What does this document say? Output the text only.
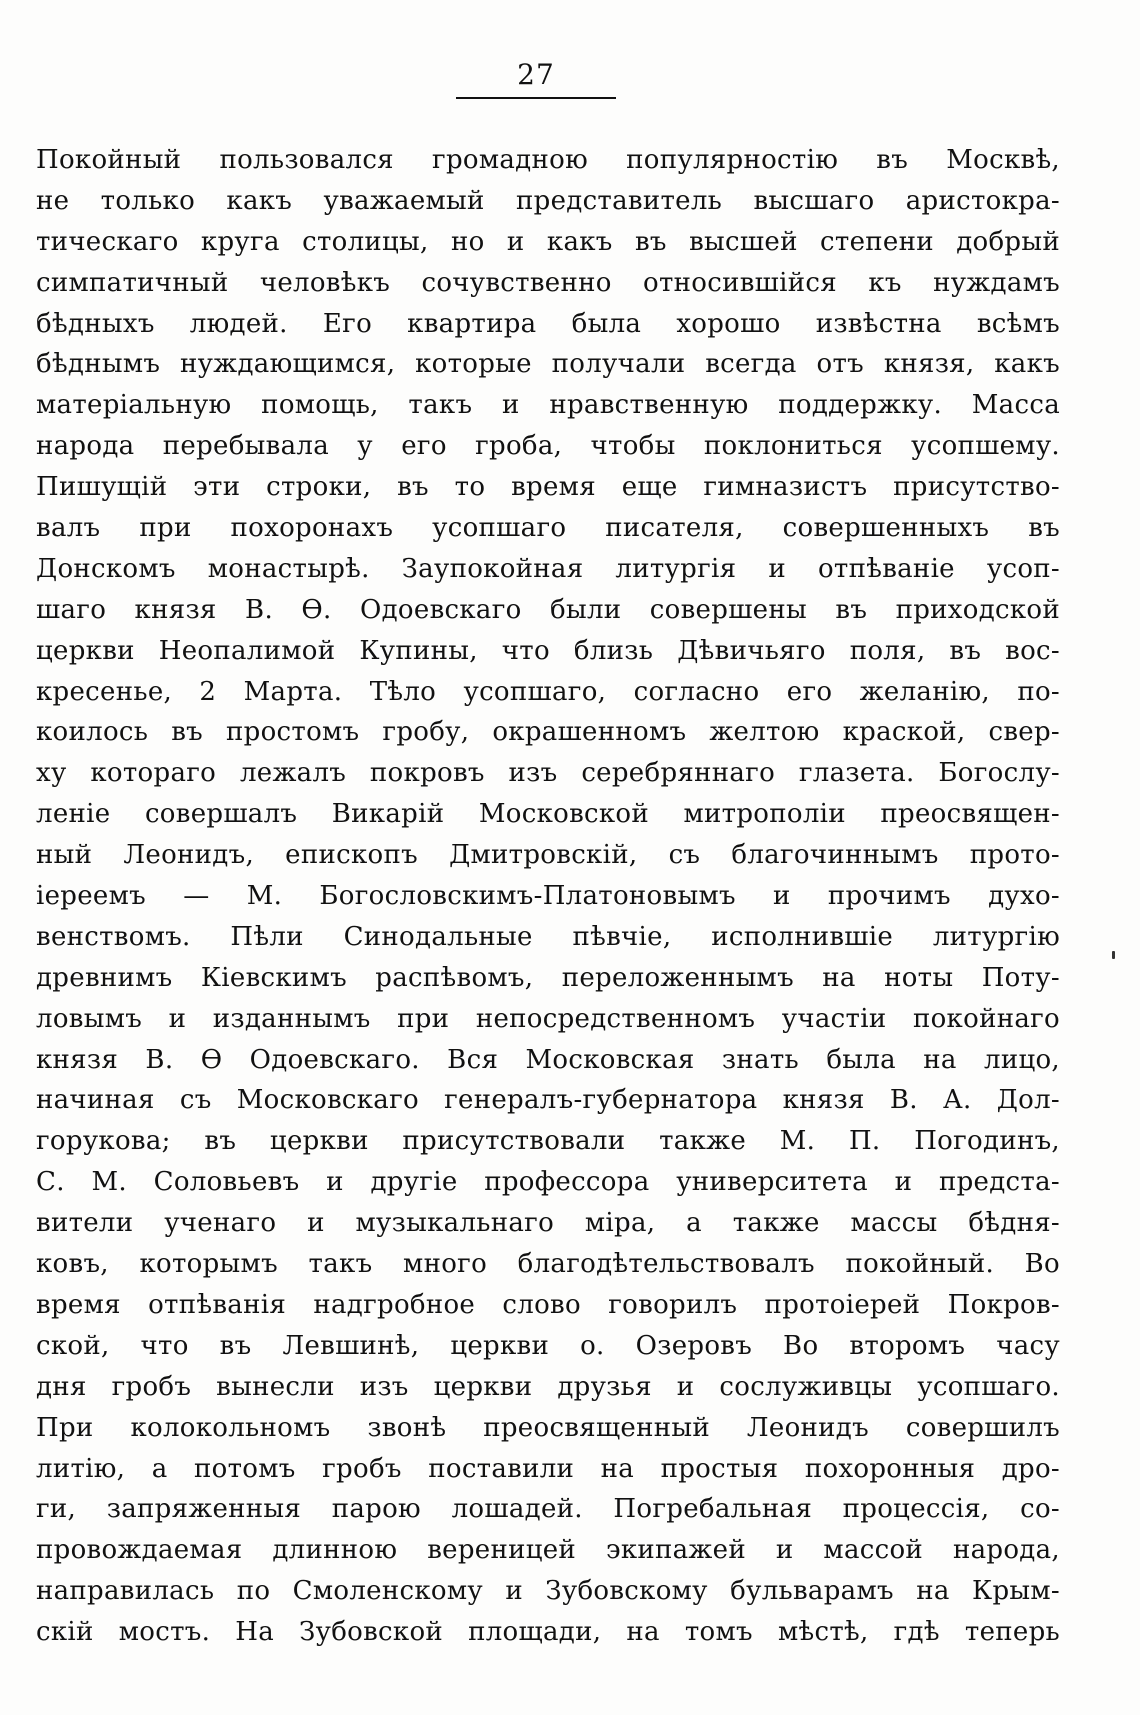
27
Покойный пользовался громадною популярностію въ Москвѣ,
не только какъ уважаемый представитель высшаго аристокра-
тическаго круга столицы, но и какъ въ высшей степени добрый
симпатичный человѣкъ сочувственно относившійся къ нуждамъ
бѣдныхъ людей. Его квартира была хорошо извѣстна всѣмъ
бѣднымъ нуждающимся, которые получали всегда отъ князя, какъ
матеріальную помощь, такъ и нравственную поддержку. Масса
народа перебывала у его гроба, чтобы поклониться усопшему.
Пишущій эти строки, въ то время еще гимназистъ присутство-
валъ при похоронахъ усопшаго писателя, совершенныхъ въ
Донскомъ монастырѣ. Заупокойная литургія и отпѣваніе усоп-
шаго князя В. Ѳ. Одоевскаго были совершены въ приходской
церкви Неопалимой Купины, что близь Дѣвичьяго поля, въ вос-
кресенье, 2 Марта. Тѣло усопшаго, согласно его желанію, по-
коилось въ простомъ гробу, окрашенномъ желтою краской, свер-
ху котораго лежалъ покровъ изъ серебряннаго глазета. Богослу-
леніе совершалъ Викарій Московской митрополіи преосвящен-
ный Леонидъ, епископъ Дмитровскій, съ благочиннымъ прото-
іереемъ — М. Богословскимъ-Платоновымъ и прочимъ духо-
венствомъ. Пѣли Синодальные пѣвчіе, исполнившіе литургію
древнимъ Кіевскимъ распѣвомъ, переложеннымъ на ноты Поту-
ловымъ и изданнымъ при непосредственномъ участіи покойнаго
князя В. Ѳ Одоевскаго. Вся Московская знать была на лицо,
начиная съ Московскаго генералъ-губернатора князя В. А. Дол-
горукова; въ церкви присутствовали также М. П. Погодинъ,
С. М. Соловьевъ и другіе профессора университета и предста-
вители ученаго и музыкальнаго міра, а также массы бѣдня-
ковъ, которымъ такъ много благодѣтельствовалъ покойный. Во
время отпѣванія надгробное слово говорилъ протоіерей Покров-
ской, что въ Левшинѣ, церкви о. Озеровъ Во второмъ часу
дня гробъ вынесли изъ церкви друзья и сослуживцы усопшаго.
При колокольномъ звонѣ преосвященный Леонидъ совершилъ
литію, а потомъ гробъ поставили на простыя похоронныя дро-
ги, запряженныя парою лошадей. Погребальная процессія, со-
провождаемая длинною вереницей экипажей и массой народа,
направилась по Смоленскому и Зубовскому бульварамъ на Крым-
скій мостъ. На Зубовской площади, на томъ мѣстѣ, гдѣ теперь
